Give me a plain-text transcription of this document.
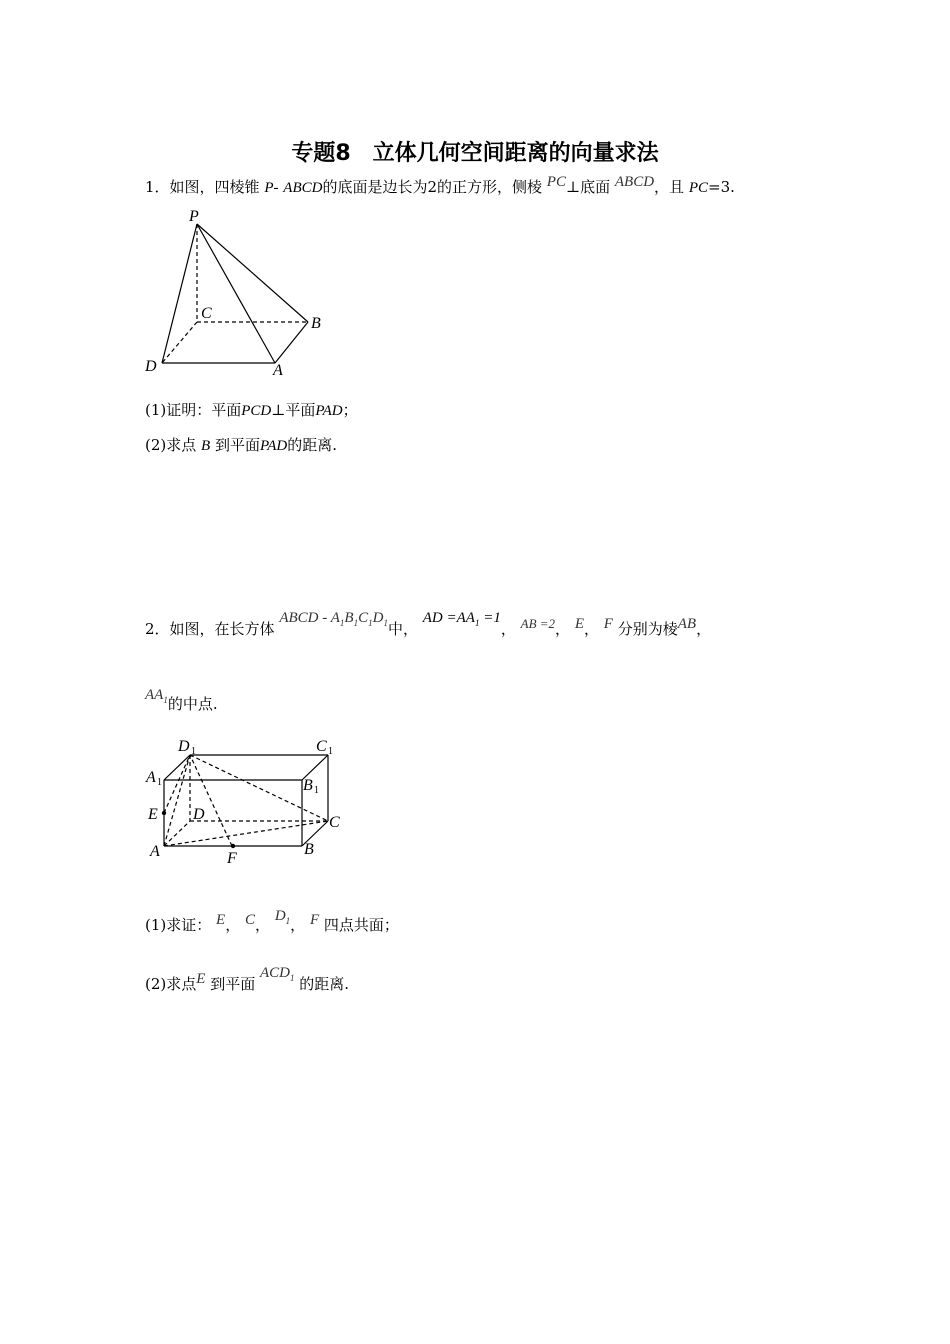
专题8　立体几何空间距离的向量求法
1．如图，四棱锥 P- ABCD的底面是边长为2的正方形，侧棱 PC⊥底面 ABCD，且 PC=3.
P
C
B
D	A
(1)证明：平面PCD⊥平面PAD；
(2)求点 B 到平面PAD的距离.
2．如图，在长方体 ABCD - $A_1B_1C_1D_1$中， AD $=AA_1 =1$， AB =2， E， F 分别为棱AB，
$AA_1$的中点.
D 1	C 1
A 1	B 1
E D	C
A	B
F
(1)求证： E， C， $D_1$， F 四点共面；
(2)求点E 到平面 $ACD_1$ 的距离.
